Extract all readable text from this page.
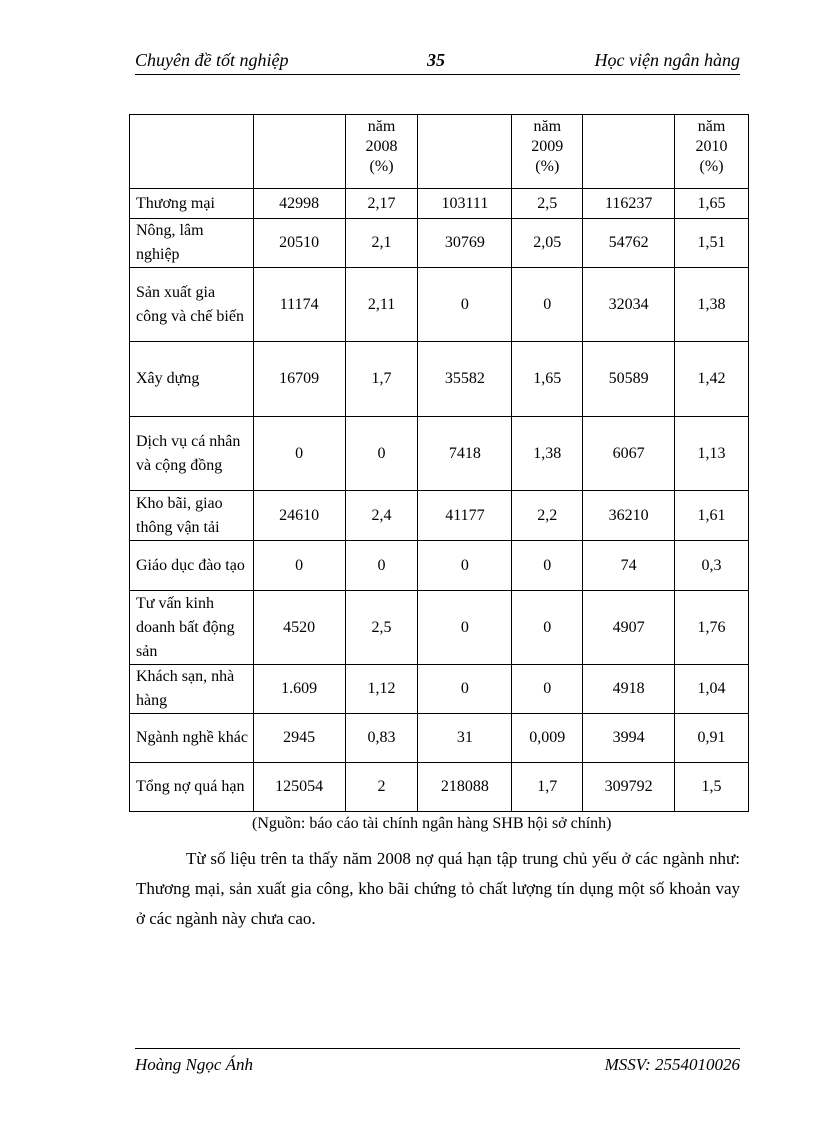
Chuyên đề tốt nghiệp	35	Học viện ngân hàng
		năm
2008
(%)		năm
2009
(%)		năm
2010
(%)
Thương mại	42998	2,17	103111	2,5	116237	1,65
Nông, lâm nghiệp	20510	2,1	30769	2,05	54762	1,51
Sản xuất gia công và chế biến	11174	2,11	0	0	32034	1,38
Xây dựng	16709	1,7	35582	1,65	50589	1,42
Dịch vụ cá nhân và cộng đồng	0	0	7418	1,38	6067	1,13
Kho bãi, giao thông vận tải	24610	2,4	41177	2,2	36210	1,61
Giáo dục đào tạo	0	0	0	0	74	0,3
Tư vấn kinh doanh bất động sản	4520	2,5	0	0	4907	1,76
Khách sạn, nhà hàng	1.609	1,12	0	0	4918	1,04
Ngành nghề khác	2945	0,83	31	0,009	3994	0,91
Tổng nợ quá hạn	125054	2	218088	1,7	309792	1,5
(Nguồn: báo cáo tài chính ngân hàng SHB hội sở chính)

Từ số liệu trên ta thấy năm 2008 nợ quá hạn tập trung chủ yếu ở các ngành như: Thương mại, sản xuất gia công, kho bãi chứng tỏ chất lượng tín dụng một số khoản vay ở các ngành này chưa cao.

Hoàng Ngọc Ánh	MSSV: 2554010026
